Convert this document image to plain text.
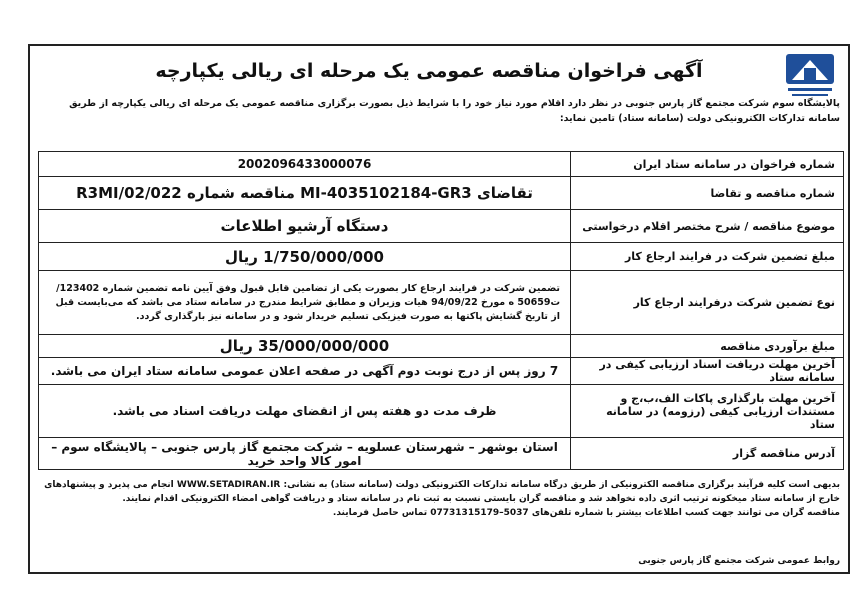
آگهی فراخوان مناقصه عمومی یک مرحله ای ریالی یکپارچه
پالایشگاه سوم شرکت مجتمع گاز پارس جنوبی در نظر دارد اقلام مورد نیاز خود را با شرایط ذیل بصورت برگزاری مناقصه عمومی یک مرحله ای ریالی یکپارچه از طریق سامانه تدارکات الکترونیکی دولت (سامانه ستاد) تامین نماید:
شماره فراخوان در سامانه ستاد ایران	2002096433000076
شماره مناقصه و تقاضا	تقاضای MI-4035102184-GR3 مناقصه شماره 02/022/R3MI
موضوع مناقصه / شرح مختصر اقلام درخواستی	دستگاه آرشیو اطلاعات
مبلغ تضمین شرکت در فرایند ارجاع کار	1/750/000/000 ریال
نوع تضمین شرکت درفرایند ارجاع کار	تضمین شرکت در فرایند ارجاع کار بصورت یکی از تضامین قابل قبول وفق آیین نامه تضمین شماره 123402/ت50659 ه مورخ 94/09/22 هیات وزیران و مطابق شرایط مندرج در سامانه ستاد می باشد که می‌بایست قبل از تاریخ گشایش پاکتها به صورت فیزیکی تسلیم خریدار شود و در سامانه نیز بارگذاری گردد.
مبلغ برآوردی مناقصه	35/000/000/000 ریال
آخرین مهلت دریافت اسناد ارزیابی کیفی در سامانه ستاد	7 روز پس از درج نوبت دوم آگهی در صفحه اعلان عمومی سامانه ستاد ایران می باشد.
آخرین مهلت بارگذاری پاکات الف،ب،ج و مستندات ارزیابی کیفی (رزومه) در سامانه ستاد	ظرف مدت دو هفته پس از انقضای مهلت دریافت اسناد می باشد.
آدرس مناقصه گزار	استان بوشهر – شهرستان عسلویه – شرکت مجتمع گاز پارس جنوبی – پالایشگاه سوم –امور کالا واحد خرید
بدیهی است کلیه فرآیند برگزاری مناقصه الکترونیکی از طریق درگاه سامانه تدارکات الکترونیکی دولت (سامانه ستاد) به نشانی: WWW.SETADIRAN.IR انجام می پذیرد و پیشنهادهای خارج از سامانه ستاد میخکونه ترتیب اثری داده نخواهد شد و مناقصه گران بایستی نسبت به ثبت نام در سامانه ستاد و دریافت گواهی امضاء الکترونیکی اقدام نمایند.
مناقصه گران می توانند جهت کسب اطلاعات بیشتر با شماره تلفن‌های 5037–07731315179 تماس حاصل فرمایند.
روابط عمومی شرکت مجتمع گاز پارس جنوبی
